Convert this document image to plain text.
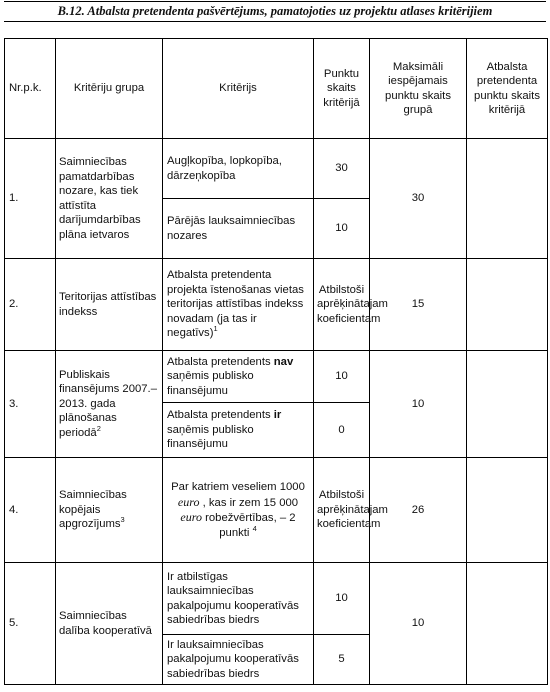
B.12. Atbalsta pretendenta pašvērtējums, pamatojoties uz projektu atlases kritērijiem
Nr.p.k.	Kritēriju grupa	Kritērijs	Punktu skaits kritērijā	Maksimāli iespējamais punktu skaits grupā	Atbalsta pretendenta punktu skaits kritērijā
1.	Saimniecības pamatdarbības nozare, kas tiek attīstīta darījumdarbības plāna ietvaros	Augļkopība, lopkopība, dārzeņkopība	30	30	
		Pārējās lauksaimniecības nozares	10		
2.	Teritorijas attīstības indekss	Atbalsta pretendenta projekta īstenošanas vietas teritorijas attīstības indekss novadam (ja tas ir negatīvs)$^1$	Atbilstoši aprēķinātajam koeficientam	15	
3.	Publiskais finansējums 2007.–2013. gada plānošanas periodā$^2$	Atbalsta pretendents nav saņēmis publisko finansējumu	10	10	
		Atbalsta pretendents ir saņēmis publisko finansējumu	0		
4.	Saimniecības kopējais apgrozījums$^3$	Par katriem veseliem 1000 euro , kas ir zem 15 000 euro robežvērtības, – 2 punkti $^4$	Atbilstoši aprēķinātajam koeficientam	26	
5.	Saimniecības dalība kooperatīvā	Ir atbilstīgas lauksaimniecības pakalpojumu kooperatīvās sabiedrības biedrs	10	10	
		Ir lauksaimniecības pakalpojumu kooperatīvās sabiedrības biedrs	5		
